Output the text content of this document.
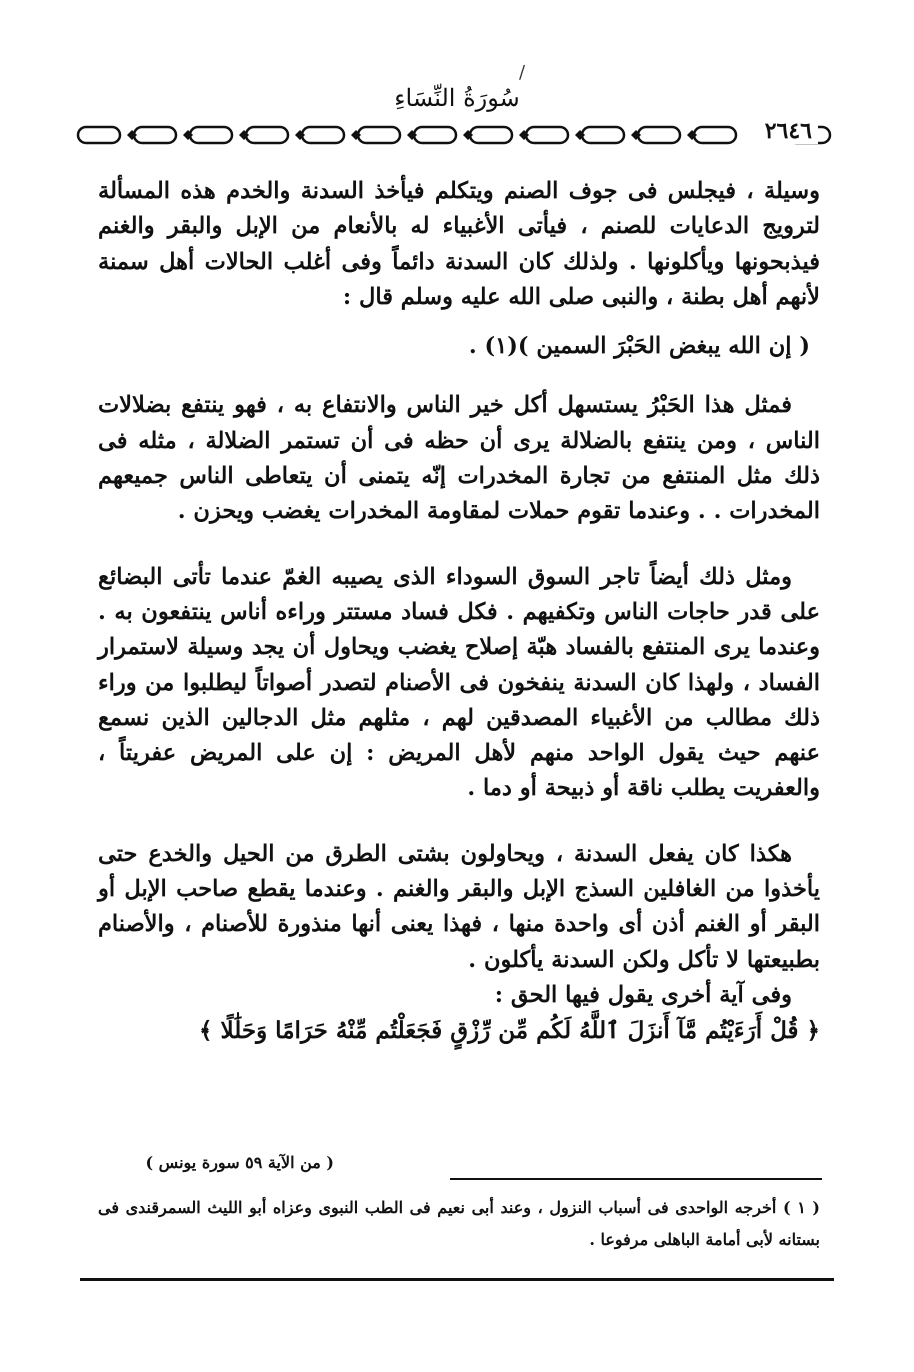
/
سُورَةُ النِّسَاءِ
٢٦٤٦

وسيلة ، فيجلس فى جوف الصنم ويتكلم فيأخذ السدنة والخدم هذه المسألة لترويج الدعايات للصنم ، فيأتى الأغبياء له بالأنعام من الإبل والبقر والغنم فيذبحونها ويأكلونها . ولذلك كان السدنة دائماً وفى أغلب الحالات أهل سمنة لأنهم أهل بطنة ، والنبى صلى الله عليه وسلم قال :

( إن الله يبغض الحَبْرَ السمين )(١) .

فمثل هذا الحَبْرُ يستسهل أكل خير الناس والانتفاع به ، فهو ينتفع بضلالات الناس ، ومن ينتفع بالضلالة يرى أن حظه فى أن تستمر الضلالة ، مثله فى ذلك مثل المنتفع من تجارة المخدرات إنّه يتمنى أن يتعاطى الناس جميعهم المخدرات . . وعندما تقوم حملات لمقاومة المخدرات يغضب ويحزن .

ومثل ذلك أيضاً تاجر السوق السوداء الذى يصيبه الغمّ عندما تأتى البضائع على قدر حاجات الناس وتكفيهم . فكل فساد مستتر وراءه أناس ينتفعون به . وعندما يرى المنتفع بالفساد هبّة إصلاح يغضب ويحاول أن يجد وسيلة لاستمرار الفساد ، ولهذا كان السدنة ينفخون فى الأصنام لتصدر أصواتاً ليطلبوا من وراء ذلك مطالب من الأغبياء المصدقين لهم ، مثلهم مثل الدجالين الذين نسمع عنهم حيث يقول الواحد منهم لأهل المريض : إن على المريض عفريتاً ، والعفريت يطلب ناقة أو ذبيحة أو دما .

هكذا كان يفعل السدنة ، ويحاولون بشتى الطرق من الحيل والخدع حتى يأخذوا من الغافلين السذج الإبل والبقر والغنم . وعندما يقطع صاحب الإبل أو البقر أو الغنم أذن أى واحدة منها ، فهذا يعنى أنها منذورة للأصنام ، والأصنام بطبيعتها لا تأكل ولكن السدنة يأكلون .

وفى آية أخرى يقول فيها الحق :

﴿ قُلْ أَرَءَيْتُم مَّآ أَنزَلَ ٱللَّهُ لَكُم مِّن رِّزْقٍ فَجَعَلْتُم مِّنْهُ حَرَامًا وَحَلَٰلًا ﴾

( من الآية ٥٩ سورة يونس )
( ١ ) أخرجه الواحدى فى أسباب النزول ، وعند أبى نعيم فى الطب النبوى وعزاه أبو الليث السمرقندى فى بستانه لأبى أمامة الباهلى مرفوعا .
